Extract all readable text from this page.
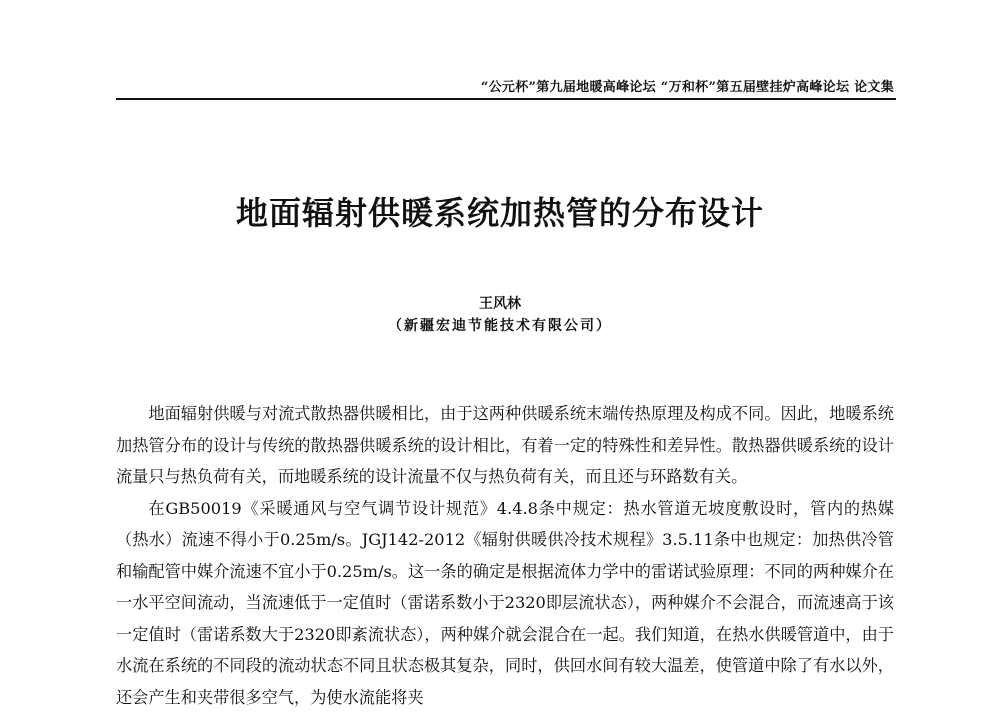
“公元杯”第九届地暖高峰论坛 “万和杯”第五届壁挂炉高峰论坛 论文集
地面辐射供暖系统加热管的分布设计
王风林
（新疆宏迪节能技术有限公司）

地面辐射供暖与对流式散热器供暖相比，由于这两种供暖系统末端传热原理及构成不同。因此，地暖系统加热管分布的设计与传统的散热器供暖系统的设计相比，有着一定的特殊性和差异性。散热器供暖系统的设计流量只与热负荷有关，而地暖系统的设计流量不仅与热负荷有关，而且还与环路数有关。

在GB50019《采暖通风与空气调节设计规范》4.4.8条中规定：热水管道无坡度敷设时，管内的热媒（热水）流速不得小于0.25m/s。JGJ142-2012《辐射供暖供冷技术规程》3.5.11条中也规定：加热供冷管和输配管中媒介流速不宜小于0.25m/s。这一条的确定是根据流体力学中的雷诺试验原理：不同的两种媒介在一水平空间流动，当流速低于一定值时（雷诺系数小于2320即层流状态），两种媒介不会混合，而流速高于该一定值时（雷诺系数大于2320即紊流状态），两种媒介就会混合在一起。我们知道，在热水供暖管道中，由于水流在系统的不同段的流动状态不同且状态极其复杂，同时，供回水间有较大温差，使管道中除了有水以外，还会产生和夹带很多空气，为使水流能将夹
